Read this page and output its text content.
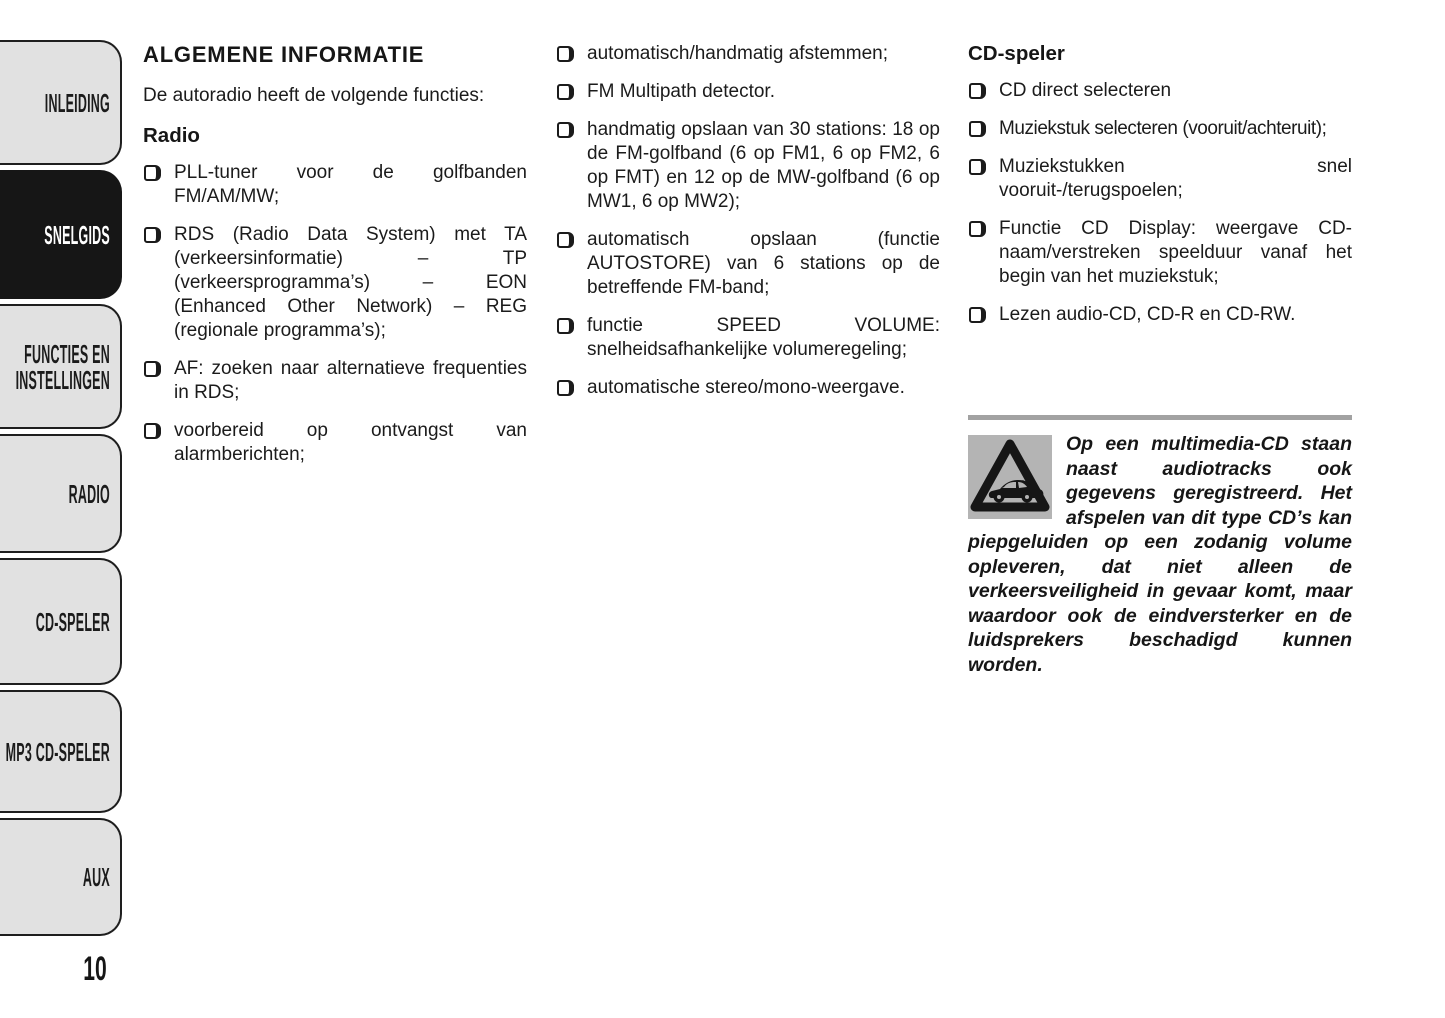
INLEIDING
SNELGIDS
FUNCTIES EN INSTELLINGEN
RADIO
CD-SPELER
MP3 CD-SPELER
AUX
10
ALGEMENE INFORMATIE

De autoradio heeft de volgende functies:

Radio
PLL-tuner voor de golfbanden FM/AM/MW;
RDS (Radio Data System) met TA (verkeersinformatie) – TP (verkeersprogramma’s) – EON (Enhanced Other Network) – REG (regionale programma’s);
AF: zoeken naar alternatieve frequenties in RDS;
voorbereid op ontvangst van alarmberichten;
automatisch/handmatig afstemmen;
FM Multipath detector.
handmatig opslaan van 30 stations: 18 op de FM-golfband (6 op FM1, 6 op FM2, 6 op FMT) en 12 op de MW-golfband (6 op MW1, 6 op MW2);
automatisch opslaan (functie AUTOSTORE) van 6 stations op de betreffende FM-band;
functie SPEED VOLUME: snelheidsafhankelijke volumeregeling;
automatische stereo/mono-weergave.
CD-speler
CD direct selecteren
Muziekstuk selecteren (vooruit/achteruit);
Muziekstukken snel vooruit-/terugspoelen;
Functie CD Display: weergave CD-naam/verstreken speelduur vanaf het begin van het muziekstuk;
Lezen audio-CD, CD-R en CD-RW.
Op een multimedia-CD staan naast audiotracks ook gegevens geregistreerd. Het afspelen van dit type CD’s kan piepgeluiden op een zodanig volume opleveren, dat niet alleen de verkeersveiligheid in gevaar komt, maar waardoor ook de eindversterker en de luidsprekers beschadigd kunnen worden.
